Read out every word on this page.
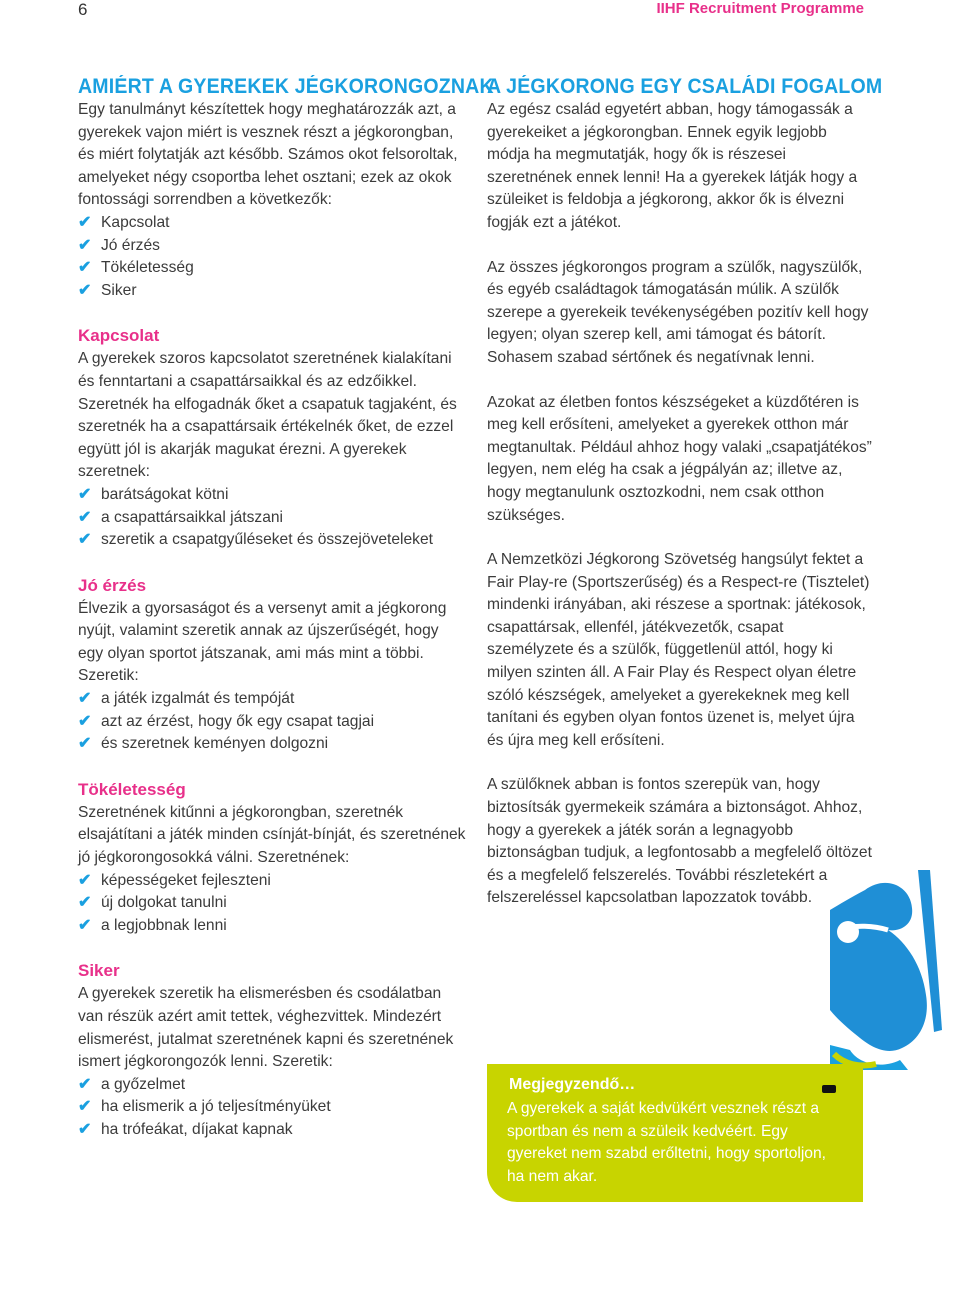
6	IIHF Recruitment Programme
AMIÉRT A GYEREKEK JÉGKORONGOZNAK

Egy tanulmányt készítettek hogy meghatározzák azt, a gyerekek vajon miért is vesznek részt a jégkorongban, és miért folytatják azt később. Számos okot felsoroltak, amelyeket négy csoportba lehet osztani; ezek az okok fontossági sorrendben a következők:

✔ Kapcsolat
✔ Jó érzés
✔ Tökéletesség
✔ Siker
Kapcsolat

A gyerekek szoros kapcsolatot szeretnének kialakítani és fenntartani a csapattársaikkal és az edzőikkel. Szeretnék ha elfogadnák őket a csapatuk tagjaként, és szeretnék ha a csapattársaik értékelnék őket, de ezzel együtt jól is akarják magukat érezni. A gyerekek szeretnek:

✔ barátságokat kötni
✔ a csapattársaikkal játszani
✔ szeretik a csapatgyűléseket és összejöveteleket
Jó érzés

Élvezik a gyorsaságot és a versenyt amit a jégkorong nyújt, valamint szeretik annak az újszerűségét, hogy egy olyan sportot játszanak, ami más mint a többi. Szeretik:

✔ a játék izgalmát és tempóját
✔ azt az érzést, hogy ők egy csapat tagjai
✔ és szeretnek keményen dolgozni
Tökéletesség

Szeretnének kitűnni a jégkorongban, szeretnék elsajátítani a játék minden csínját-bínját, és szeretnének jó jégkorongosokká válni. Szeretnének:

✔ képességeket fejleszteni
✔ új dolgokat tanulni
✔ a legjobbnak lenni
Siker

A gyerekek szeretik ha elismerésben és csodálatban van részük azért amit tettek, véghezvittek. Mindezért elismerést, jutalmat szeretnének kapni és szeretnének ismert jégkorongozók lenni. Szeretik:

✔ a győzelmet
✔ ha elismerik a jó teljesítményüket
✔ ha trófeákat, díjakat kapnak
A JÉGKORONG EGY CSALÁDI FOGALOM

Az egész család egyetért abban, hogy támogassák a gyerekeiket a jégkorongban. Ennek egyik legjobb módja ha megmutatják, hogy ők is részesei szeretnének ennek lenni! Ha a gyerekek látják hogy a szüleiket is feldobja a jégkorong, akkor ők is élvezni fogják ezt a játékot.

Az összes jégkorongos program a szülők, nagyszülők, és egyéb családtagok támogatásán múlik. A szülők szerepe a gyerekeik tevékenységében pozitív kell hogy legyen; olyan szerep kell, ami támogat és bátorít. Sohasem szabad sértőnek és negatívnak lenni.

Azokat az életben fontos készségeket a küzdőtéren is meg kell erősíteni, amelyeket a gyerekek otthon már megtanultak. Például ahhoz hogy valaki „csapatjátékos” legyen, nem elég ha csak a jégpályán az; illetve az, hogy megtanulunk osztozkodni, nem csak otthon szükséges.

A Nemzetközi Jégkorong Szövetség hangsúlyt fektet a Fair Play-re (Sportszerűség) és a Respect-re (Tisztelet) mindenki irányában, aki részese a sportnak: játékosok, csapattársak, ellenfél, játékvezetők, csapat személyzete és a szülők, függetlenül attól, hogy ki milyen szinten áll. A Fair Play és Respect olyan életre szóló készségek, amelyeket a gyerekeknek meg kell tanítani és egyben olyan fontos üzenet is, melyet újra és újra meg kell erősíteni.

A szülőknek abban is fontos szerepük van, hogy biztosítsák gyermekeik számára a biztonságot. Ahhoz, hogy a gyerekek a játék során a legnagyobb biztonságban tudjuk, a legfontosabb a megfelelő öltözet és a megfelelő felszerelés. További részletekért a felszereléssel kapcsolatban lapozzatok tovább.

Megjegyzendő…
A gyerekek a saját kedvükért vesznek részt a sportban és nem a szüleik kedvéért. Egy gyereket nem szabd erőltetni, hogy sportoljon, ha nem akar.
